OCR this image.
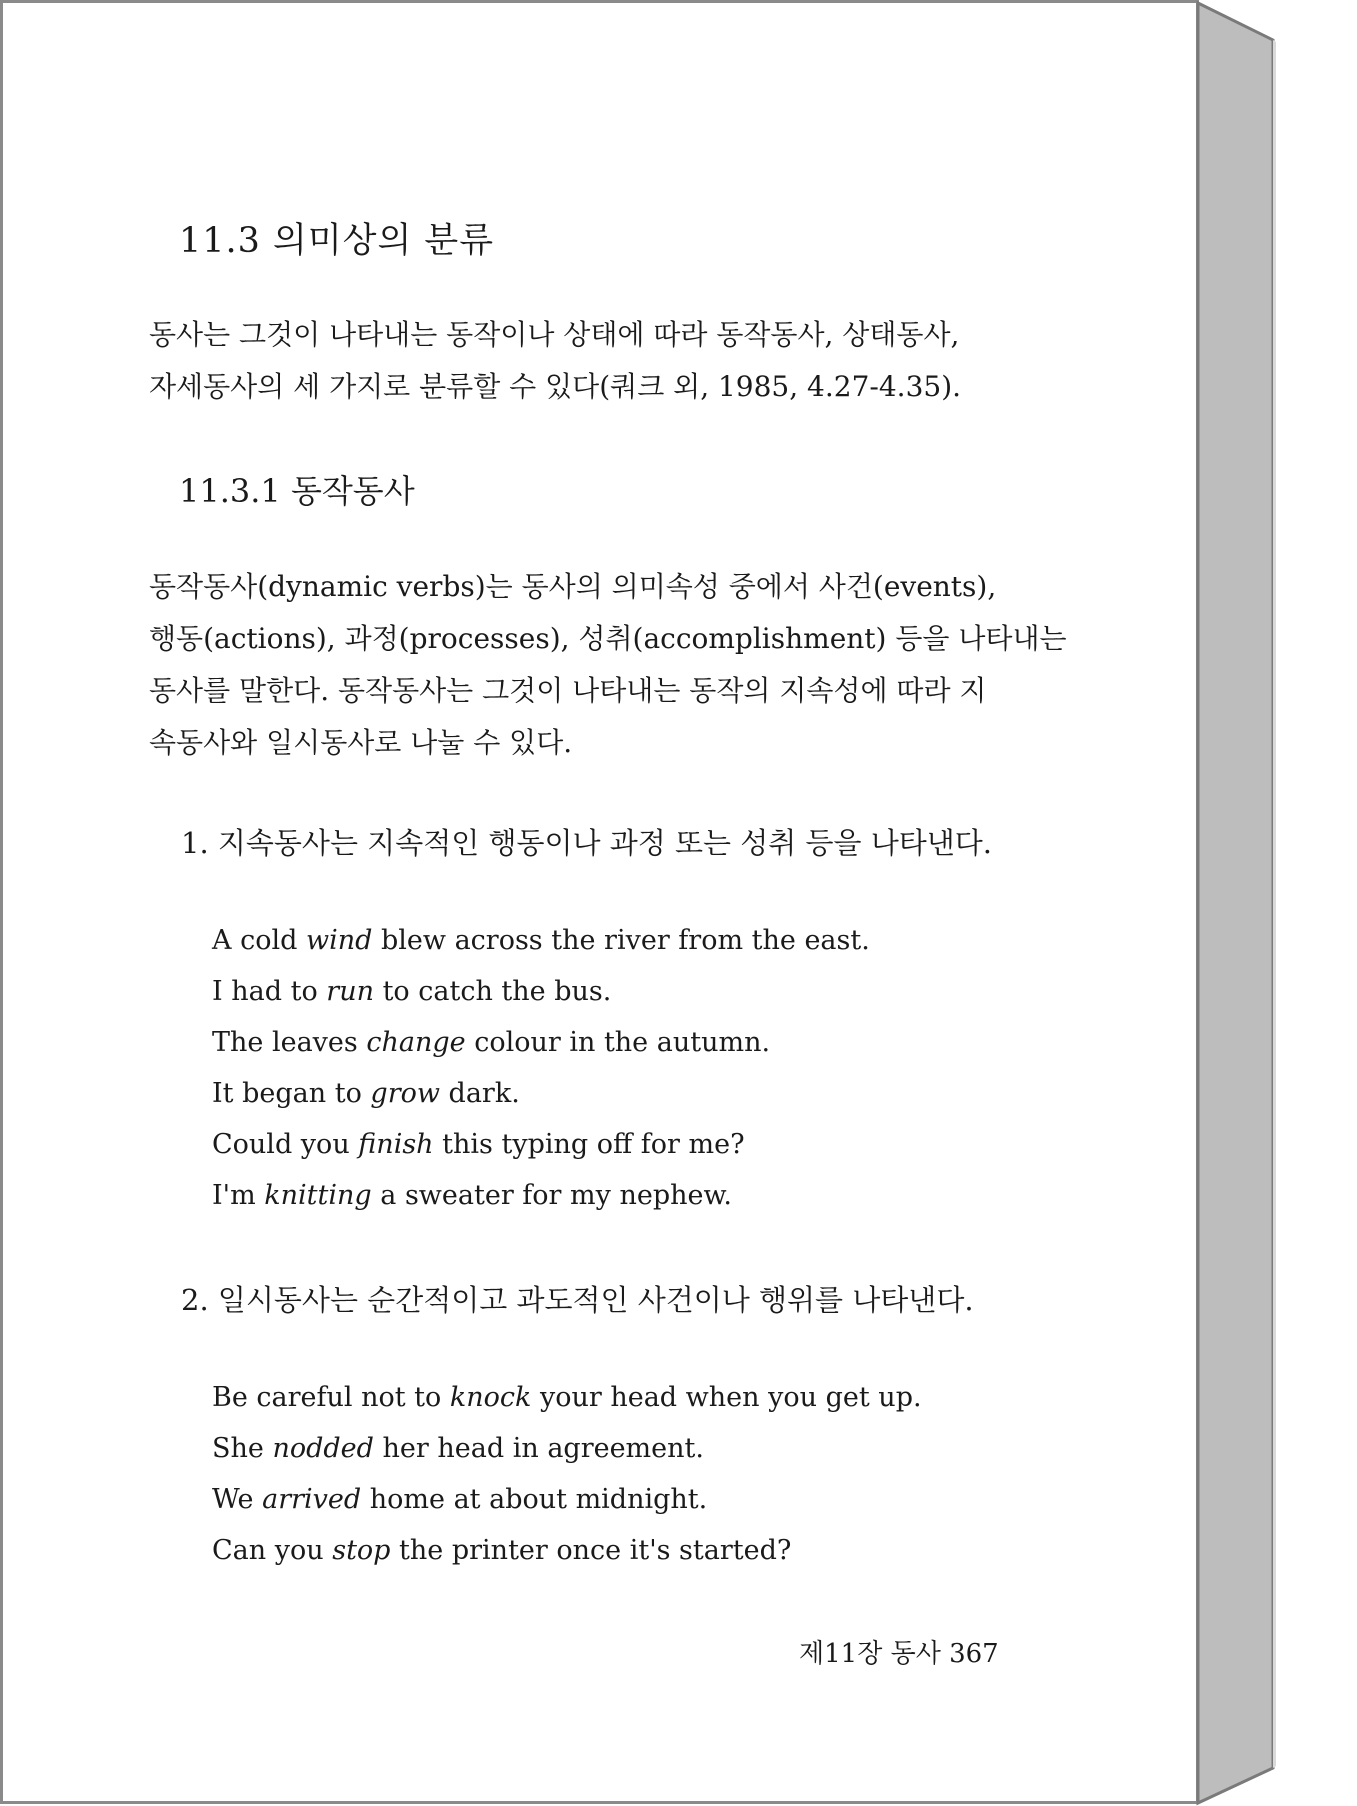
11.3 의미상의 분류
동사는 그것이 나타내는 동작이나 상태에 따라 동작동사, 상태동사,
자세동사의 세 가지로 분류할 수 있다(쿼크 외, 1985, 4.27-4.35).
11.3.1 동작동사
동작동사(dynamic verbs)는 동사의 의미속성 중에서 사건(events),
행동(actions), 과정(processes), 성취(accomplishment) 등을 나타내는
동사를 말한다. 동작동사는 그것이 나타내는 동작의 지속성에 따라 지
속동사와 일시동사로 나눌 수 있다.
1. 지속동사는 지속적인 행동이나 과정 또는 성취 등을 나타낸다.
A cold wind blew across the river from the east.
I had to run to catch the bus.
The leaves change colour in the autumn.
It began to grow dark.
Could you finish this typing off for me?
I'm knitting a sweater for my nephew.
2. 일시동사는 순간적이고 과도적인 사건이나 행위를 나타낸다.
Be careful not to knock your head when you get up.
She nodded her head in agreement.
We arrived home at about midnight.
Can you stop the printer once it's started?
제11장 동사 367
